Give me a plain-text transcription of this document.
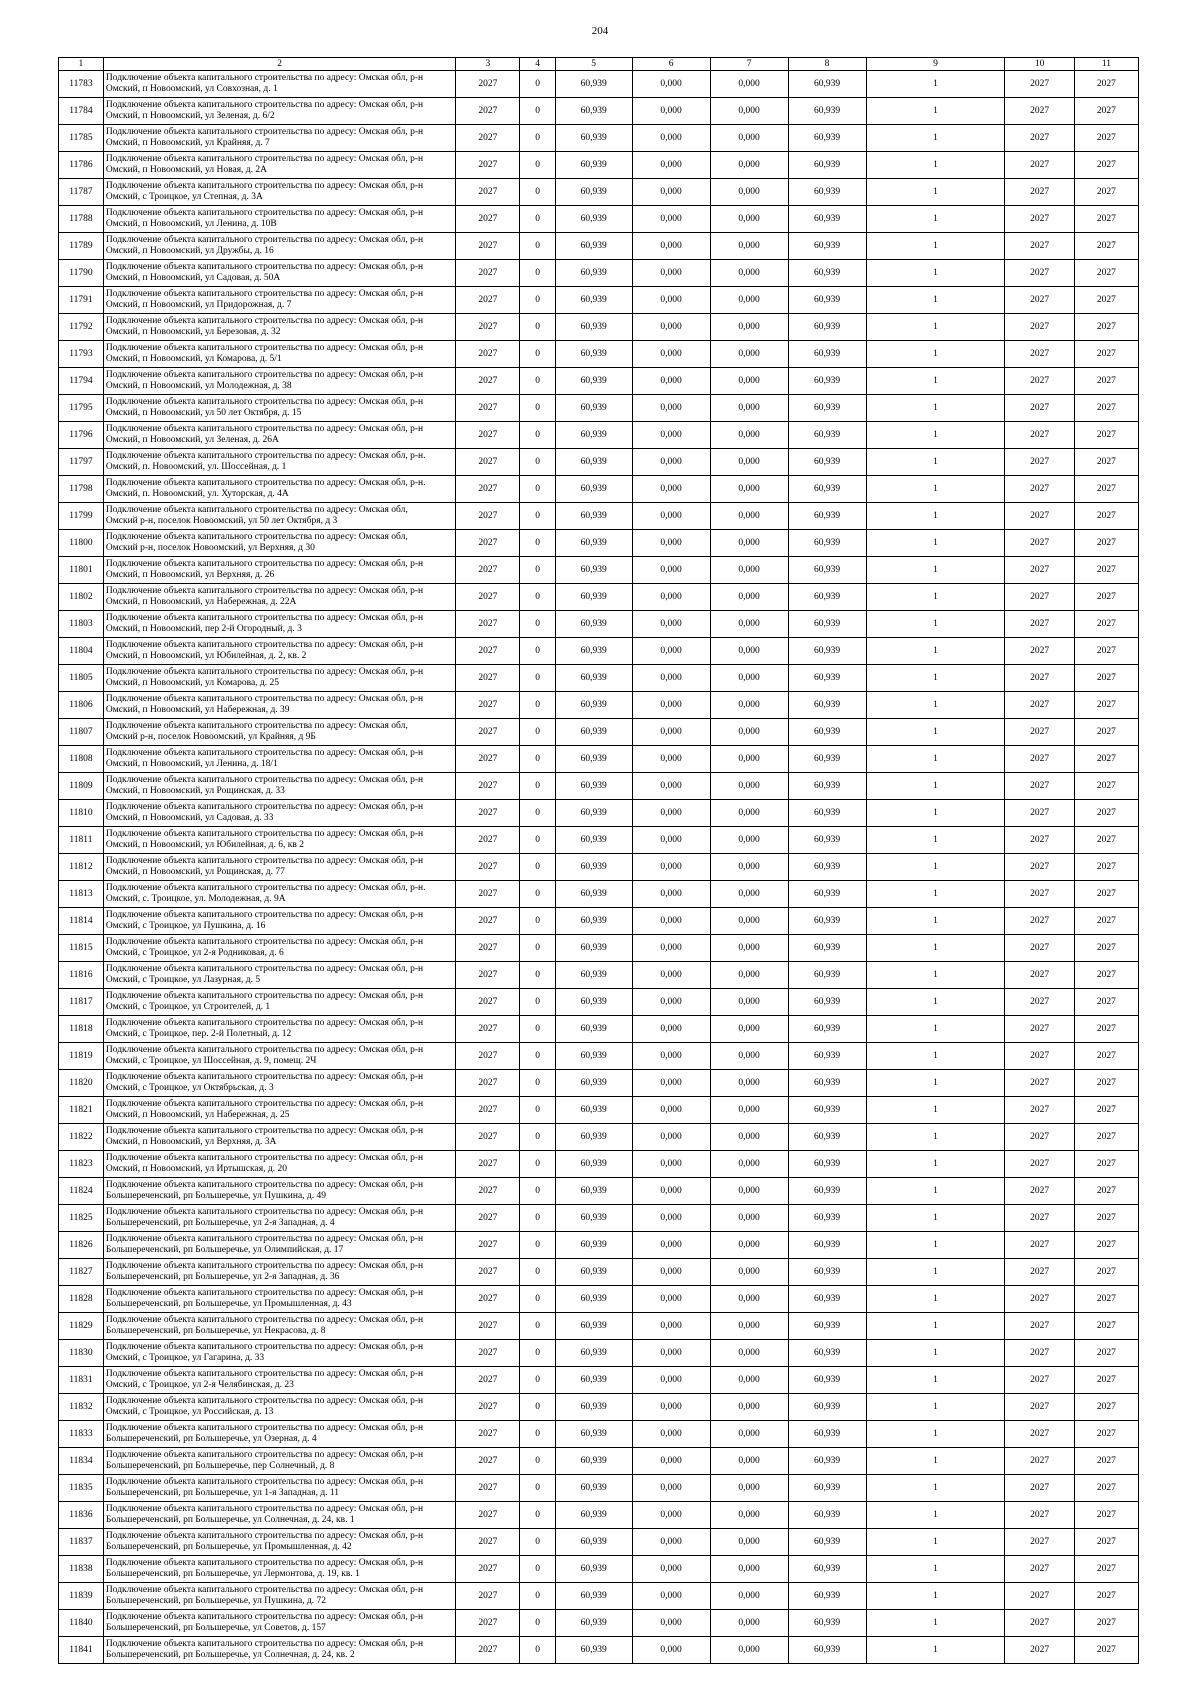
204
1	2	3	4	5	6	7	8	9	10	11
11783	Подключение объекта капитального строительства по адресу: Омская обл, р-н
Омский, п Новоомский, ул Совхозная, д. 1	2027	0	60,939	0,000	0,000	60,939	1	2027	2027
11784	Подключение объекта капитального строительства по адресу: Омская обл, р-н
Омский, п Новоомский, ул Зеленая, д. 6/2	2027	0	60,939	0,000	0,000	60,939	1	2027	2027
11785	Подключение объекта капитального строительства по адресу: Омская обл, р-н
Омский, п Новоомский, ул Крайняя, д. 7	2027	0	60,939	0,000	0,000	60,939	1	2027	2027
11786	Подключение объекта капитального строительства по адресу: Омская обл, р-н
Омский, п Новоомский, ул Новая, д. 2А	2027	0	60,939	0,000	0,000	60,939	1	2027	2027
11787	Подключение объекта капитального строительства по адресу: Омская обл, р-н
Омский, с Троицкое, ул Степная, д. 3А	2027	0	60,939	0,000	0,000	60,939	1	2027	2027
11788	Подключение объекта капитального строительства по адресу: Омская обл, р-н
Омский, п Новоомский, ул Ленина, д. 10В	2027	0	60,939	0,000	0,000	60,939	1	2027	2027
11789	Подключение объекта капитального строительства по адресу: Омская обл, р-н
Омский, п Новоомский, ул Дружбы, д. 16	2027	0	60,939	0,000	0,000	60,939	1	2027	2027
11790	Подключение объекта капитального строительства по адресу: Омская обл, р-н
Омский, п Новоомский, ул Садовая, д. 50А	2027	0	60,939	0,000	0,000	60,939	1	2027	2027
11791	Подключение объекта капитального строительства по адресу: Омская обл, р-н
Омский, п Новоомский, ул Придорожная, д. 7	2027	0	60,939	0,000	0,000	60,939	1	2027	2027
11792	Подключение объекта капитального строительства по адресу: Омская обл, р-н
Омский, п Новоомский, ул Березовая, д. 32	2027	0	60,939	0,000	0,000	60,939	1	2027	2027
11793	Подключение объекта капитального строительства по адресу: Омская обл, р-н
Омский, п Новоомский, ул Комарова, д. 5/1	2027	0	60,939	0,000	0,000	60,939	1	2027	2027
11794	Подключение объекта капитального строительства по адресу: Омская обл, р-н
Омский, п Новоомский, ул Молодежная, д. 38	2027	0	60,939	0,000	0,000	60,939	1	2027	2027
11795	Подключение объекта капитального строительства по адресу: Омская обл, р-н
Омский, п Новоомский, ул 50 лет Октября, д. 15	2027	0	60,939	0,000	0,000	60,939	1	2027	2027
11796	Подключение объекта капитального строительства по адресу: Омская обл, р-н
Омский, п Новоомский, ул Зеленая, д. 26А	2027	0	60,939	0,000	0,000	60,939	1	2027	2027
11797	Подключение объекта капитального строительства по адресу: Омская обл, р-н.
Омский, п. Новоомский, ул. Шоссейная, д. 1	2027	0	60,939	0,000	0,000	60,939	1	2027	2027
11798	Подключение объекта капитального строительства по адресу: Омская обл, р-н.
Омский, п. Новоомский, ул. Хуторская, д. 4А	2027	0	60,939	0,000	0,000	60,939	1	2027	2027
11799	Подключение объекта капитального строительства по адресу: Омская обл,
Омский р-н, поселок Новоомский, ул 50 лет Октября, д 3	2027	0	60,939	0,000	0,000	60,939	1	2027	2027
11800	Подключение объекта капитального строительства по адресу: Омская обл,
Омский р-н, поселок Новоомский, ул Верхняя, д 30	2027	0	60,939	0,000	0,000	60,939	1	2027	2027
11801	Подключение объекта капитального строительства по адресу: Омская обл, р-н
Омский, п Новоомский, ул Верхняя, д. 26	2027	0	60,939	0,000	0,000	60,939	1	2027	2027
11802	Подключение объекта капитального строительства по адресу: Омская обл, р-н
Омский, п Новоомский, ул Набережная, д. 22А	2027	0	60,939	0,000	0,000	60,939	1	2027	2027
11803	Подключение объекта капитального строительства по адресу: Омская обл, р-н
Омский, п Новоомский, пер 2-й Огородный, д. 3	2027	0	60,939	0,000	0,000	60,939	1	2027	2027
11804	Подключение объекта капитального строительства по адресу: Омская обл, р-н
Омский, п Новоомский, ул Юбилейная, д. 2, кв. 2	2027	0	60,939	0,000	0,000	60,939	1	2027	2027
11805	Подключение объекта капитального строительства по адресу: Омская обл, р-н
Омский, п Новоомский, ул Комарова, д. 25	2027	0	60,939	0,000	0,000	60,939	1	2027	2027
11806	Подключение объекта капитального строительства по адресу: Омская обл, р-н
Омский, п Новоомский, ул Набережная, д. 39	2027	0	60,939	0,000	0,000	60,939	1	2027	2027
11807	Подключение объекта капитального строительства по адресу: Омская обл,
Омский р-н, поселок Новоомский, ул Крайняя, д 9Б	2027	0	60,939	0,000	0,000	60,939	1	2027	2027
11808	Подключение объекта капитального строительства по адресу: Омская обл, р-н
Омский, п Новоомский, ул Ленина, д. 18/1	2027	0	60,939	0,000	0,000	60,939	1	2027	2027
11809	Подключение объекта капитального строительства по адресу: Омская обл, р-н
Омский, п Новоомский, ул Рощинская, д. 33	2027	0	60,939	0,000	0,000	60,939	1	2027	2027
11810	Подключение объекта капитального строительства по адресу: Омская обл, р-н
Омский, п Новоомский, ул Садовая, д. 33	2027	0	60,939	0,000	0,000	60,939	1	2027	2027
11811	Подключение объекта капитального строительства по адресу: Омская обл, р-н
Омский, п Новоомский, ул Юбилейная, д. 6, кв 2	2027	0	60,939	0,000	0,000	60,939	1	2027	2027
11812	Подключение объекта капитального строительства по адресу: Омская обл, р-н
Омский, п Новоомский, ул Рощинская, д. 77	2027	0	60,939	0,000	0,000	60,939	1	2027	2027
11813	Подключение объекта капитального строительства по адресу: Омская обл, р-н.
Омский, с. Троицкое, ул. Молодежная, д. 9А	2027	0	60,939	0,000	0,000	60,939	1	2027	2027
11814	Подключение объекта капитального строительства по адресу: Омская обл, р-н
Омский, с Троицкое, ул Пушкина, д. 16	2027	0	60,939	0,000	0,000	60,939	1	2027	2027
11815	Подключение объекта капитального строительства по адресу: Омская обл, р-н
Омский, с Троицкое, ул 2-я Родниковая, д. 6	2027	0	60,939	0,000	0,000	60,939	1	2027	2027
11816	Подключение объекта капитального строительства по адресу: Омская обл, р-н
Омский, с Троицкое, ул Лазурная, д. 5	2027	0	60,939	0,000	0,000	60,939	1	2027	2027
11817	Подключение объекта капитального строительства по адресу: Омская обл, р-н
Омский, с Троицкое, ул Строителей, д. 1	2027	0	60,939	0,000	0,000	60,939	1	2027	2027
11818	Подключение объекта капитального строительства по адресу: Омская обл, р-н
Омский, с Троицкое, пер. 2-й Полетный, д. 12	2027	0	60,939	0,000	0,000	60,939	1	2027	2027
11819	Подключение объекта капитального строительства по адресу: Омская обл, р-н
Омский, с Троицкое, ул Шоссейная, д. 9, помещ. 2Ч	2027	0	60,939	0,000	0,000	60,939	1	2027	2027
11820	Подключение объекта капитального строительства по адресу: Омская обл, р-н
Омский, с Троицкое, ул Октябрьская, д. 3	2027	0	60,939	0,000	0,000	60,939	1	2027	2027
11821	Подключение объекта капитального строительства по адресу: Омская обл, р-н
Омский, п Новоомский, ул Набережная, д. 25	2027	0	60,939	0,000	0,000	60,939	1	2027	2027
11822	Подключение объекта капитального строительства по адресу: Омская обл, р-н
Омский, п Новоомский, ул Верхняя, д. 3А	2027	0	60,939	0,000	0,000	60,939	1	2027	2027
11823	Подключение объекта капитального строительства по адресу: Омская обл, р-н
Омский, п Новоомский, ул Иртышская, д. 20	2027	0	60,939	0,000	0,000	60,939	1	2027	2027
11824	Подключение объекта капитального строительства по адресу: Омская обл, р-н
Большереченский, рп Большеречье, ул Пушкина, д. 49	2027	0	60,939	0,000	0,000	60,939	1	2027	2027
11825	Подключение объекта капитального строительства по адресу: Омская обл, р-н
Большереченский, рп Большеречье, ул 2-я Западная, д. 4	2027	0	60,939	0,000	0,000	60,939	1	2027	2027
11826	Подключение объекта капитального строительства по адресу: Омская обл, р-н
Большереченский, рп Большеречье, ул Олимпийская, д. 17	2027	0	60,939	0,000	0,000	60,939	1	2027	2027
11827	Подключение объекта капитального строительства по адресу: Омская обл, р-н
Большереченский, рп Большеречье, ул 2-я Западная, д. 36	2027	0	60,939	0,000	0,000	60,939	1	2027	2027
11828	Подключение объекта капитального строительства по адресу: Омская обл, р-н
Большереченский, рп Большеречье, ул Промышленная, д. 43	2027	0	60,939	0,000	0,000	60,939	1	2027	2027
11829	Подключение объекта капитального строительства по адресу: Омская обл, р-н
Большереченский, рп Большеречье, ул Некрасова, д. 8	2027	0	60,939	0,000	0,000	60,939	1	2027	2027
11830	Подключение объекта капитального строительства по адресу: Омская обл, р-н
Омский, с Троицкое, ул Гагарина, д. 33	2027	0	60,939	0,000	0,000	60,939	1	2027	2027
11831	Подключение объекта капитального строительства по адресу: Омская обл, р-н
Омский, с Троицкое, ул 2-я Челябинская, д. 23	2027	0	60,939	0,000	0,000	60,939	1	2027	2027
11832	Подключение объекта капитального строительства по адресу: Омская обл, р-н
Омский, с Троицкое, ул Российская, д. 13	2027	0	60,939	0,000	0,000	60,939	1	2027	2027
11833	Подключение объекта капитального строительства по адресу: Омская обл, р-н
Большереченский, рп Большеречье, ул Озерная, д. 4	2027	0	60,939	0,000	0,000	60,939	1	2027	2027
11834	Подключение объекта капитального строительства по адресу: Омская обл, р-н
Большереченский, рп Большеречье, пер Солнечный, д. 8	2027	0	60,939	0,000	0,000	60,939	1	2027	2027
11835	Подключение объекта капитального строительства по адресу: Омская обл, р-н
Большереченский, рп Большеречье, ул 1-я Западная, д. 11	2027	0	60,939	0,000	0,000	60,939	1	2027	2027
11836	Подключение объекта капитального строительства по адресу: Омская обл, р-н
Большереченский, рп Большеречье, ул Солнечная, д. 24, кв. 1	2027	0	60,939	0,000	0,000	60,939	1	2027	2027
11837	Подключение объекта капитального строительства по адресу: Омская обл, р-н
Большереченский, рп Большеречье, ул Промышленная, д. 42	2027	0	60,939	0,000	0,000	60,939	1	2027	2027
11838	Подключение объекта капитального строительства по адресу: Омская обл, р-н
Большереченский, рп Большеречье, ул Лермонтова, д. 19, кв. 1	2027	0	60,939	0,000	0,000	60,939	1	2027	2027
11839	Подключение объекта капитального строительства по адресу: Омская обл, р-н
Большереченский, рп Большеречье, ул Пушкина, д. 72	2027	0	60,939	0,000	0,000	60,939	1	2027	2027
11840	Подключение объекта капитального строительства по адресу: Омская обл, р-н
Большереченский, рп Большеречье, ул Советов, д. 157	2027	0	60,939	0,000	0,000	60,939	1	2027	2027
11841	Подключение объекта капитального строительства по адресу: Омская обл, р-н
Большереченский, рп Большеречье, ул Солнечная, д. 24, кв. 2	2027	0	60,939	0,000	0,000	60,939	1	2027	2027
